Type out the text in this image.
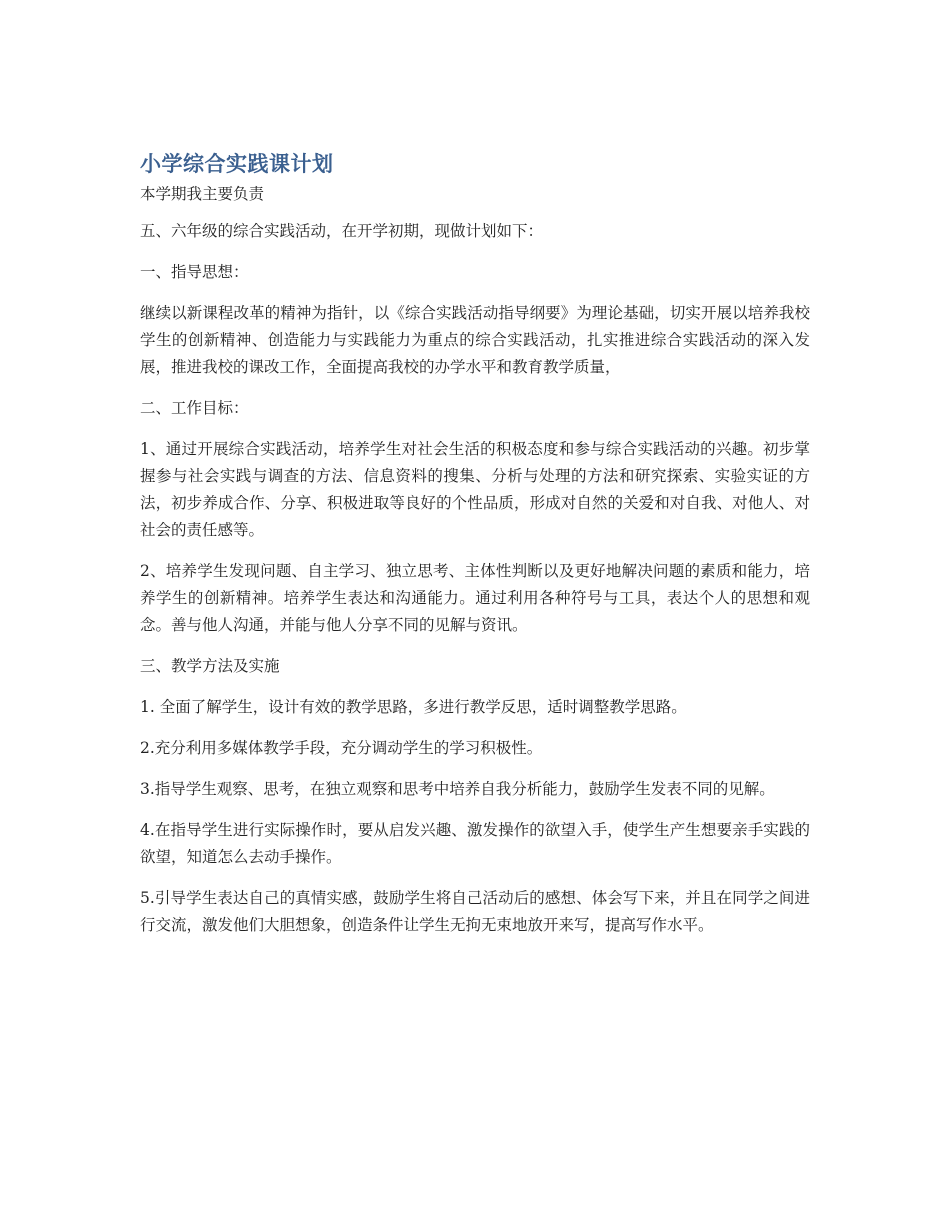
小学综合实践课计划

本学期我主要负责

五、六年级的综合实践活动，在开学初期，现做计划如下：

一、指导思想：

继续以新课程改革的精神为指针，以《综合实践活动指导纲要》为理论基础，切实开展以培养我校学生的创新精神、创造能力与实践能力为重点的综合实践活动，扎实推进综合实践活动的深入发展，推进我校的课改工作，全面提高我校的办学水平和教育教学质量，

二、工作目标：

1、通过开展综合实践活动，培养学生对社会生活的积极态度和参与综合实践活动的兴趣。初步掌握参与社会实践与调查的方法、信息资料的搜集、分析与处理的方法和研究探索、实验实证的方法，初步养成合作、分享、积极进取等良好的个性品质，形成对自然的关爱和对自我、对他人、对社会的责任感等。

2、培养学生发现问题、自主学习、独立思考、主体性判断以及更好地解决问题的素质和能力，培养学生的创新精神。培养学生表达和沟通能力。通过利用各种符号与工具，表达个人的思想和观念。善与他人沟通，并能与他人分享不同的见解与资讯。

三、教学方法及实施

1. 全面了解学生，设计有效的教学思路，多进行教学反思，适时调整教学思路。

2.充分利用多媒体教学手段，充分调动学生的学习积极性。

3.指导学生观察、思考，在独立观察和思考中培养自我分析能力，鼓励学生发表不同的见解。

4.在指导学生进行实际操作时，要从启发兴趣、激发操作的欲望入手，使学生产生想要亲手实践的欲望，知道怎么去动手操作。

5.引导学生表达自己的真情实感，鼓励学生将自己活动后的感想、体会写下来，并且在同学之间进行交流，激发他们大胆想象，创造条件让学生无拘无束地放开来写，提高写作水平。
